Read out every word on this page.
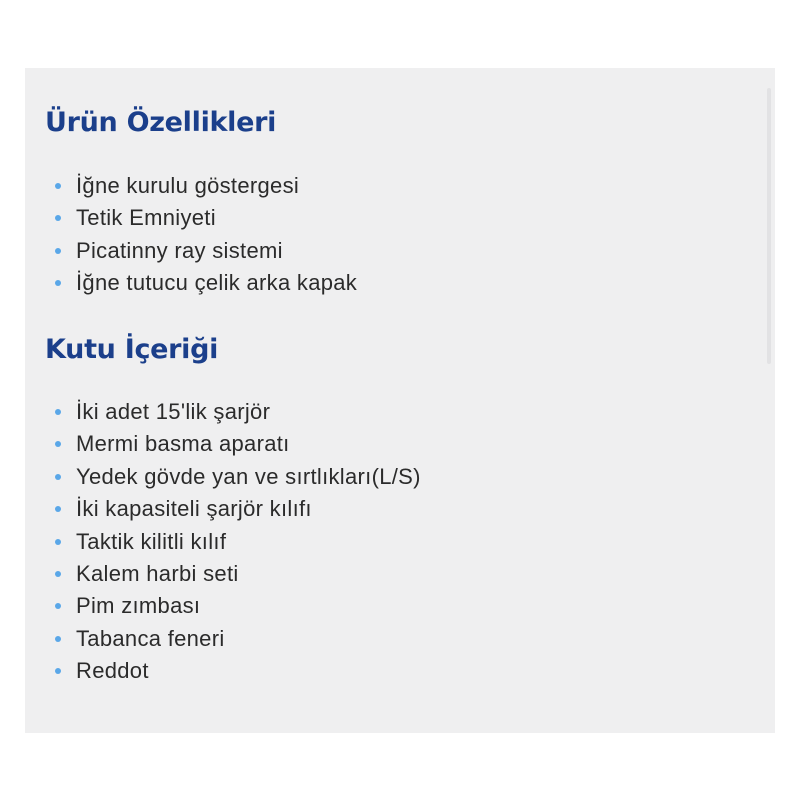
Ürün Özellikleri
İğne kurulu göstergesi
Tetik Emniyeti
Picatinny ray sistemi
İğne tutucu çelik arka kapak
Kutu İçeriği
İki adet 15'lik şarjör
Mermi basma aparatı
Yedek gövde yan ve sırtlıkları(L/S)
İki kapasiteli şarjör kılıfı
Taktik kilitli kılıf
Kalem harbi seti
Pim zımbası
Tabanca feneri
Reddot
